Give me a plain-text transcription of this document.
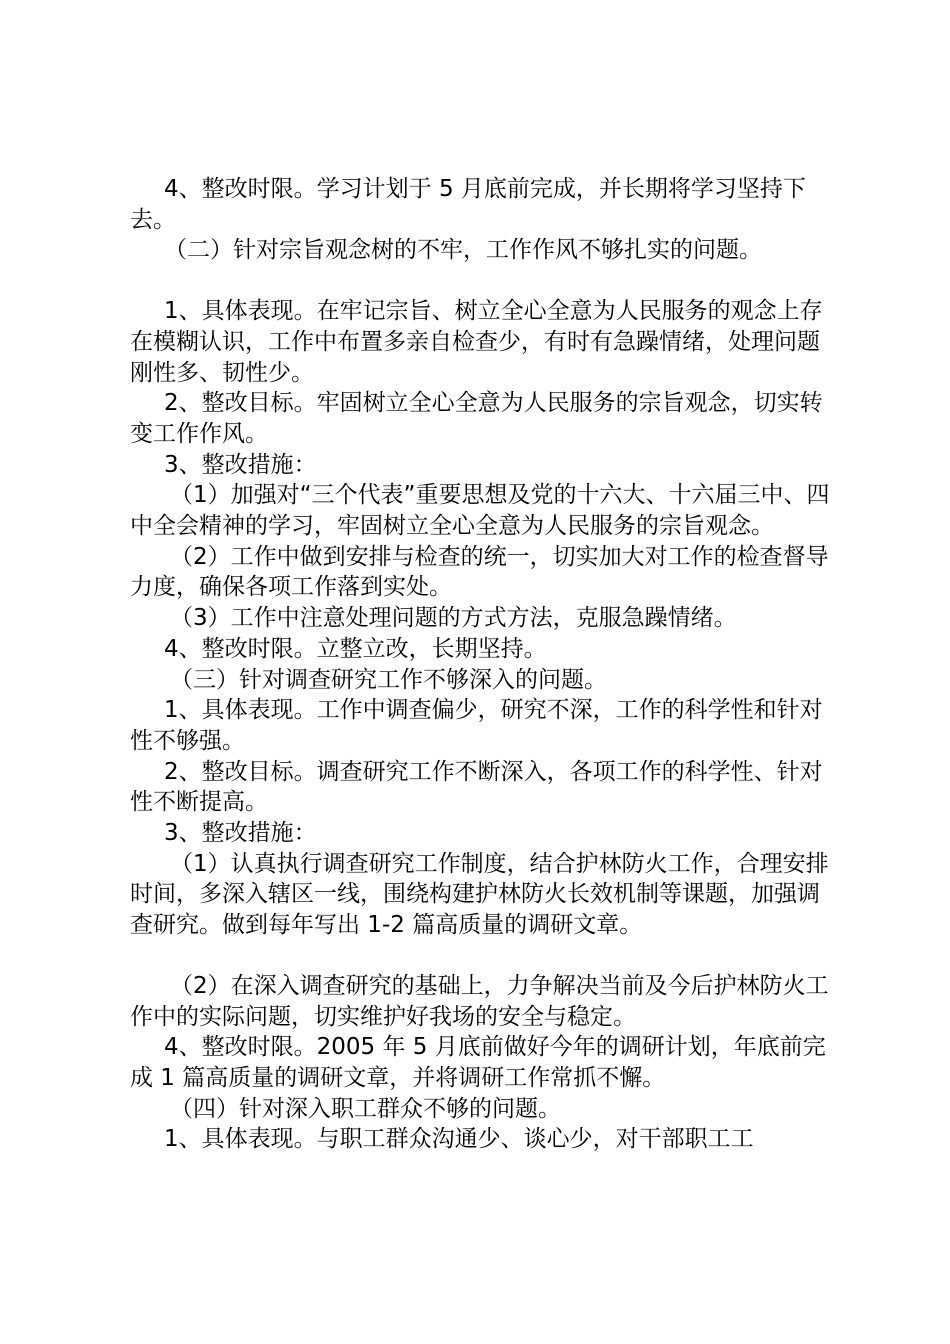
4、整改时限。学习计划于 5 月底前完成，并长期将学习坚持下去。

（二）针对宗旨观念树的不牢，工作作风不够扎实的问题。

1、具体表现。在牢记宗旨、树立全心全意为人民服务的观念上存在模糊认识，工作中布置多亲自检查少，有时有急躁情绪，处理问题刚性多、韧性少。

2、整改目标。牢固树立全心全意为人民服务的宗旨观念，切实转变工作作风。

3、整改措施：

（1）加强对“三个代表”重要思想及党的十六大、十六届三中、四中全会精神的学习，牢固树立全心全意为人民服务的宗旨观念。

（2）工作中做到安排与检查的统一，切实加大对工作的检查督导力度，确保各项工作落到实处。

（3）工作中注意处理问题的方式方法，克服急躁情绪。

4、整改时限。立整立改，长期坚持。

（三）针对调查研究工作不够深入的问题。

1、具体表现。工作中调查偏少，研究不深，工作的科学性和针对性不够强。

2、整改目标。调查研究工作不断深入，各项工作的科学性、针对性不断提高。

3、整改措施：

（1）认真执行调查研究工作制度，结合护林防火工作，合理安排时间，多深入辖区一线，围绕构建护林防火长效机制等课题，加强调查研究。做到每年写出 1-2 篇高质量的调研文章。

（2）在深入调查研究的基础上，力争解决当前及今后护林防火工作中的实际问题，切实维护好我场的安全与稳定。

4、整改时限。2005 年 5 月底前做好今年的调研计划，年底前完成 1 篇高质量的调研文章，并将调研工作常抓不懈。

（四）针对深入职工群众不够的问题。

1、具体表现。与职工群众沟通少、谈心少，对干部职工工
